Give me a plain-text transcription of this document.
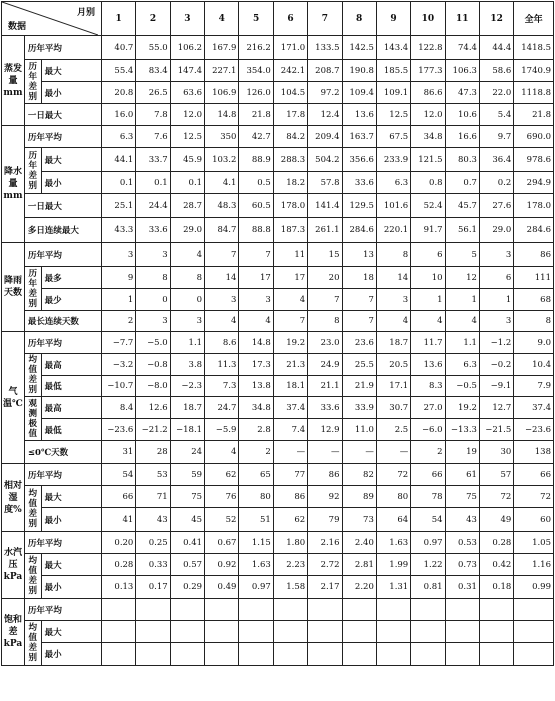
月别
数据			1	2	3	4	5	6	7	8	9	10	11	12	全年
蒸发量mm	历年平均		40.7	55.0	106.2	167.9	216.2	171.0	133.5	142.5	143.4	122.8	74.4	44.4	1418.5
	历年差别	最大	55.4	83.4	147.4	227.1	354.0	242.1	208.7	190.8	185.5	177.3	106.3	58.6	1740.9
		最小	20.8	26.5	63.6	106.9	126.0	104.5	97.2	109.4	109.1	86.6	47.3	22.0	1118.8
	一日最大		16.0	7.8	12.0	14.8	21.8	17.8	12.4	13.6	12.5	12.0	10.6	5.4	21.8
降水量mm	历年平均		6.3	7.6	12.5	350	42.7	84.2	209.4	163.7	67.5	34.8	16.6	9.7	690.0
	历年差别	最大	44.1	33.7	45.9	103.2	88.9	288.3	504.2	356.6	233.9	121.5	80.3	36.4	978.6
		最小	0.1	0.1	0.1	4.1	0.5	18.2	57.8	33.6	6.3	0.8	0.7	0.2	294.9
	一日最大		25.1	24.4	28.7	48.3	60.5	178.0	141.4	129.5	101.6	52.4	45.7	27.6	178.0
	多日连续最大		43.3	33.6	29.0	84.7	88.8	187.3	261.1	284.6	220.1	91.7	56.1	29.0	284.6
降雨天数	历年平均		3	3	4	7	7	11	15	13	8	6	5	3	86
	历年差别	最多	9	8	8	14	17	17	20	18	14	10	12	6	111
		最少	1	0	0	3	3	4	7	7	3	1	1	1	68
	最长连续天数		2	3	3	4	4	7	8	7	4	4	4	3	8
气温℃	历年平均		−7.7	−5.0	1.1	8.6	14.8	19.2	23.0	23.6	18.7	11.7	1.1	−1.2	9.0
	均值差别	最高	−3.2	−0.8	3.8	11.3	17.3	21.3	24.9	25.5	20.5	13.6	6.3	−0.2	10.4
		最低	−10.7	−8.0	−2.3	7.3	13.8	18.1	21.1	21.9	17.1	8.3	−0.5	−9.1	7.9
	观测极值	最高	8.4	12.6	18.7	24.7	34.8	37.4	33.6	33.9	30.7	27.0	19.2	12.7	37.4
		最低	−23.6	−21.2	−18.1	−5.9	2.8	7.4	12.9	11.0	2.5	−6.0	−13.3	−21.5	−23.6
	≤0℃天数		31	28	24	4	2	—	—	—	—	2	19	30	138
相对湿度%	历年平均		54	53	59	62	65	77	86	82	72	66	61	57	66
	均值差别	最大	66	71	75	76	80	86	92	89	80	78	75	72	72
		最小	41	43	45	52	51	62	79	73	64	54	43	49	60
水汽压kPa	历年平均		0.20	0.25	0.41	0.67	1.15	1.80	2.16	2.40	1.63	0.97	0.53	0.28	1.05
	均值差别	最大	0.28	0.33	0.57	0.92	1.63	2.23	2.72	2.81	1.99	1.22	0.73	0.42	1.16
		最小	0.13	0.17	0.29	0.49	0.97	1.58	2.17	2.20	1.31	0.81	0.31	0.18	0.99
饱和差kPa	历年平均														
	均值差别	最大													
		最小													
